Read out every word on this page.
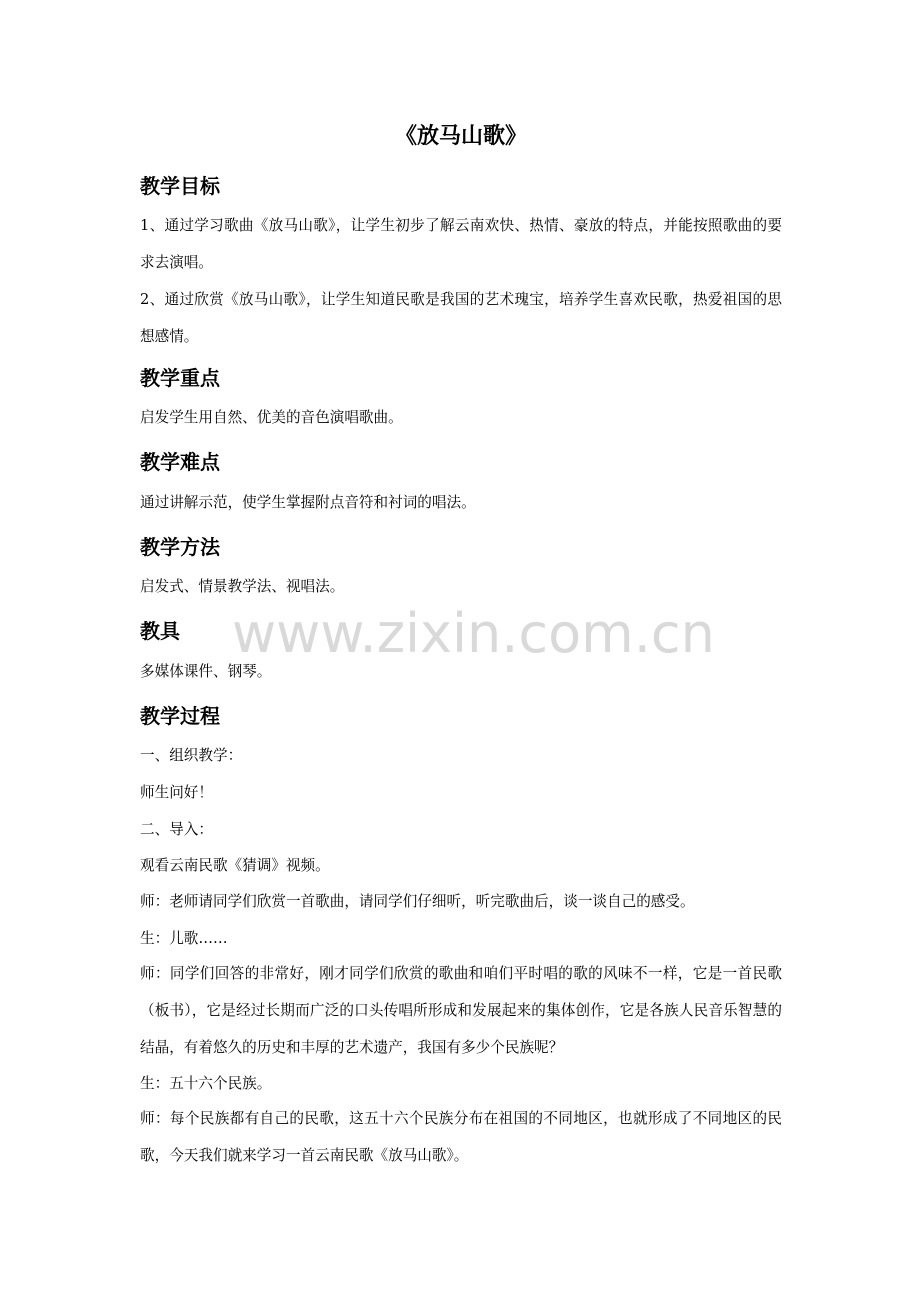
《放马山歌》
教学目标
1、通过学习歌曲《放马山歌》，让学生初步了解云南欢快、热情、豪放的特点，并能按照歌曲的要求去演唱。
2、通过欣赏《放马山歌》，让学生知道民歌是我国的艺术瑰宝，培养学生喜欢民歌，热爱祖国的思想感情。
教学重点
启发学生用自然、优美的音色演唱歌曲。
教学难点
通过讲解示范，使学生掌握附点音符和衬词的唱法。
教学方法
启发式、情景教学法、视唱法。
教具
多媒体课件、钢琴。
教学过程
一、组织教学：
师生问好！
二、导入：
观看云南民歌《猜调》视频。
师：老师请同学们欣赏一首歌曲，请同学们仔细听，听完歌曲后，谈一谈自己的感受。
生：儿歌……
师：同学们回答的非常好，刚才同学们欣赏的歌曲和咱们平时唱的歌的风味不一样，它是一首民歌（板书），它是经过长期而广泛的口头传唱所形成和发展起来的集体创作，它是各族人民音乐智慧的结晶，有着悠久的历史和丰厚的艺术遗产，我国有多少个民族呢？
生：五十六个民族。
师：每个民族都有自己的民歌，这五十六个民族分布在祖国的不同地区，也就形成了不同地区的民歌，今天我们就来学习一首云南民歌《放马山歌》。
www.zixin.com.cn
